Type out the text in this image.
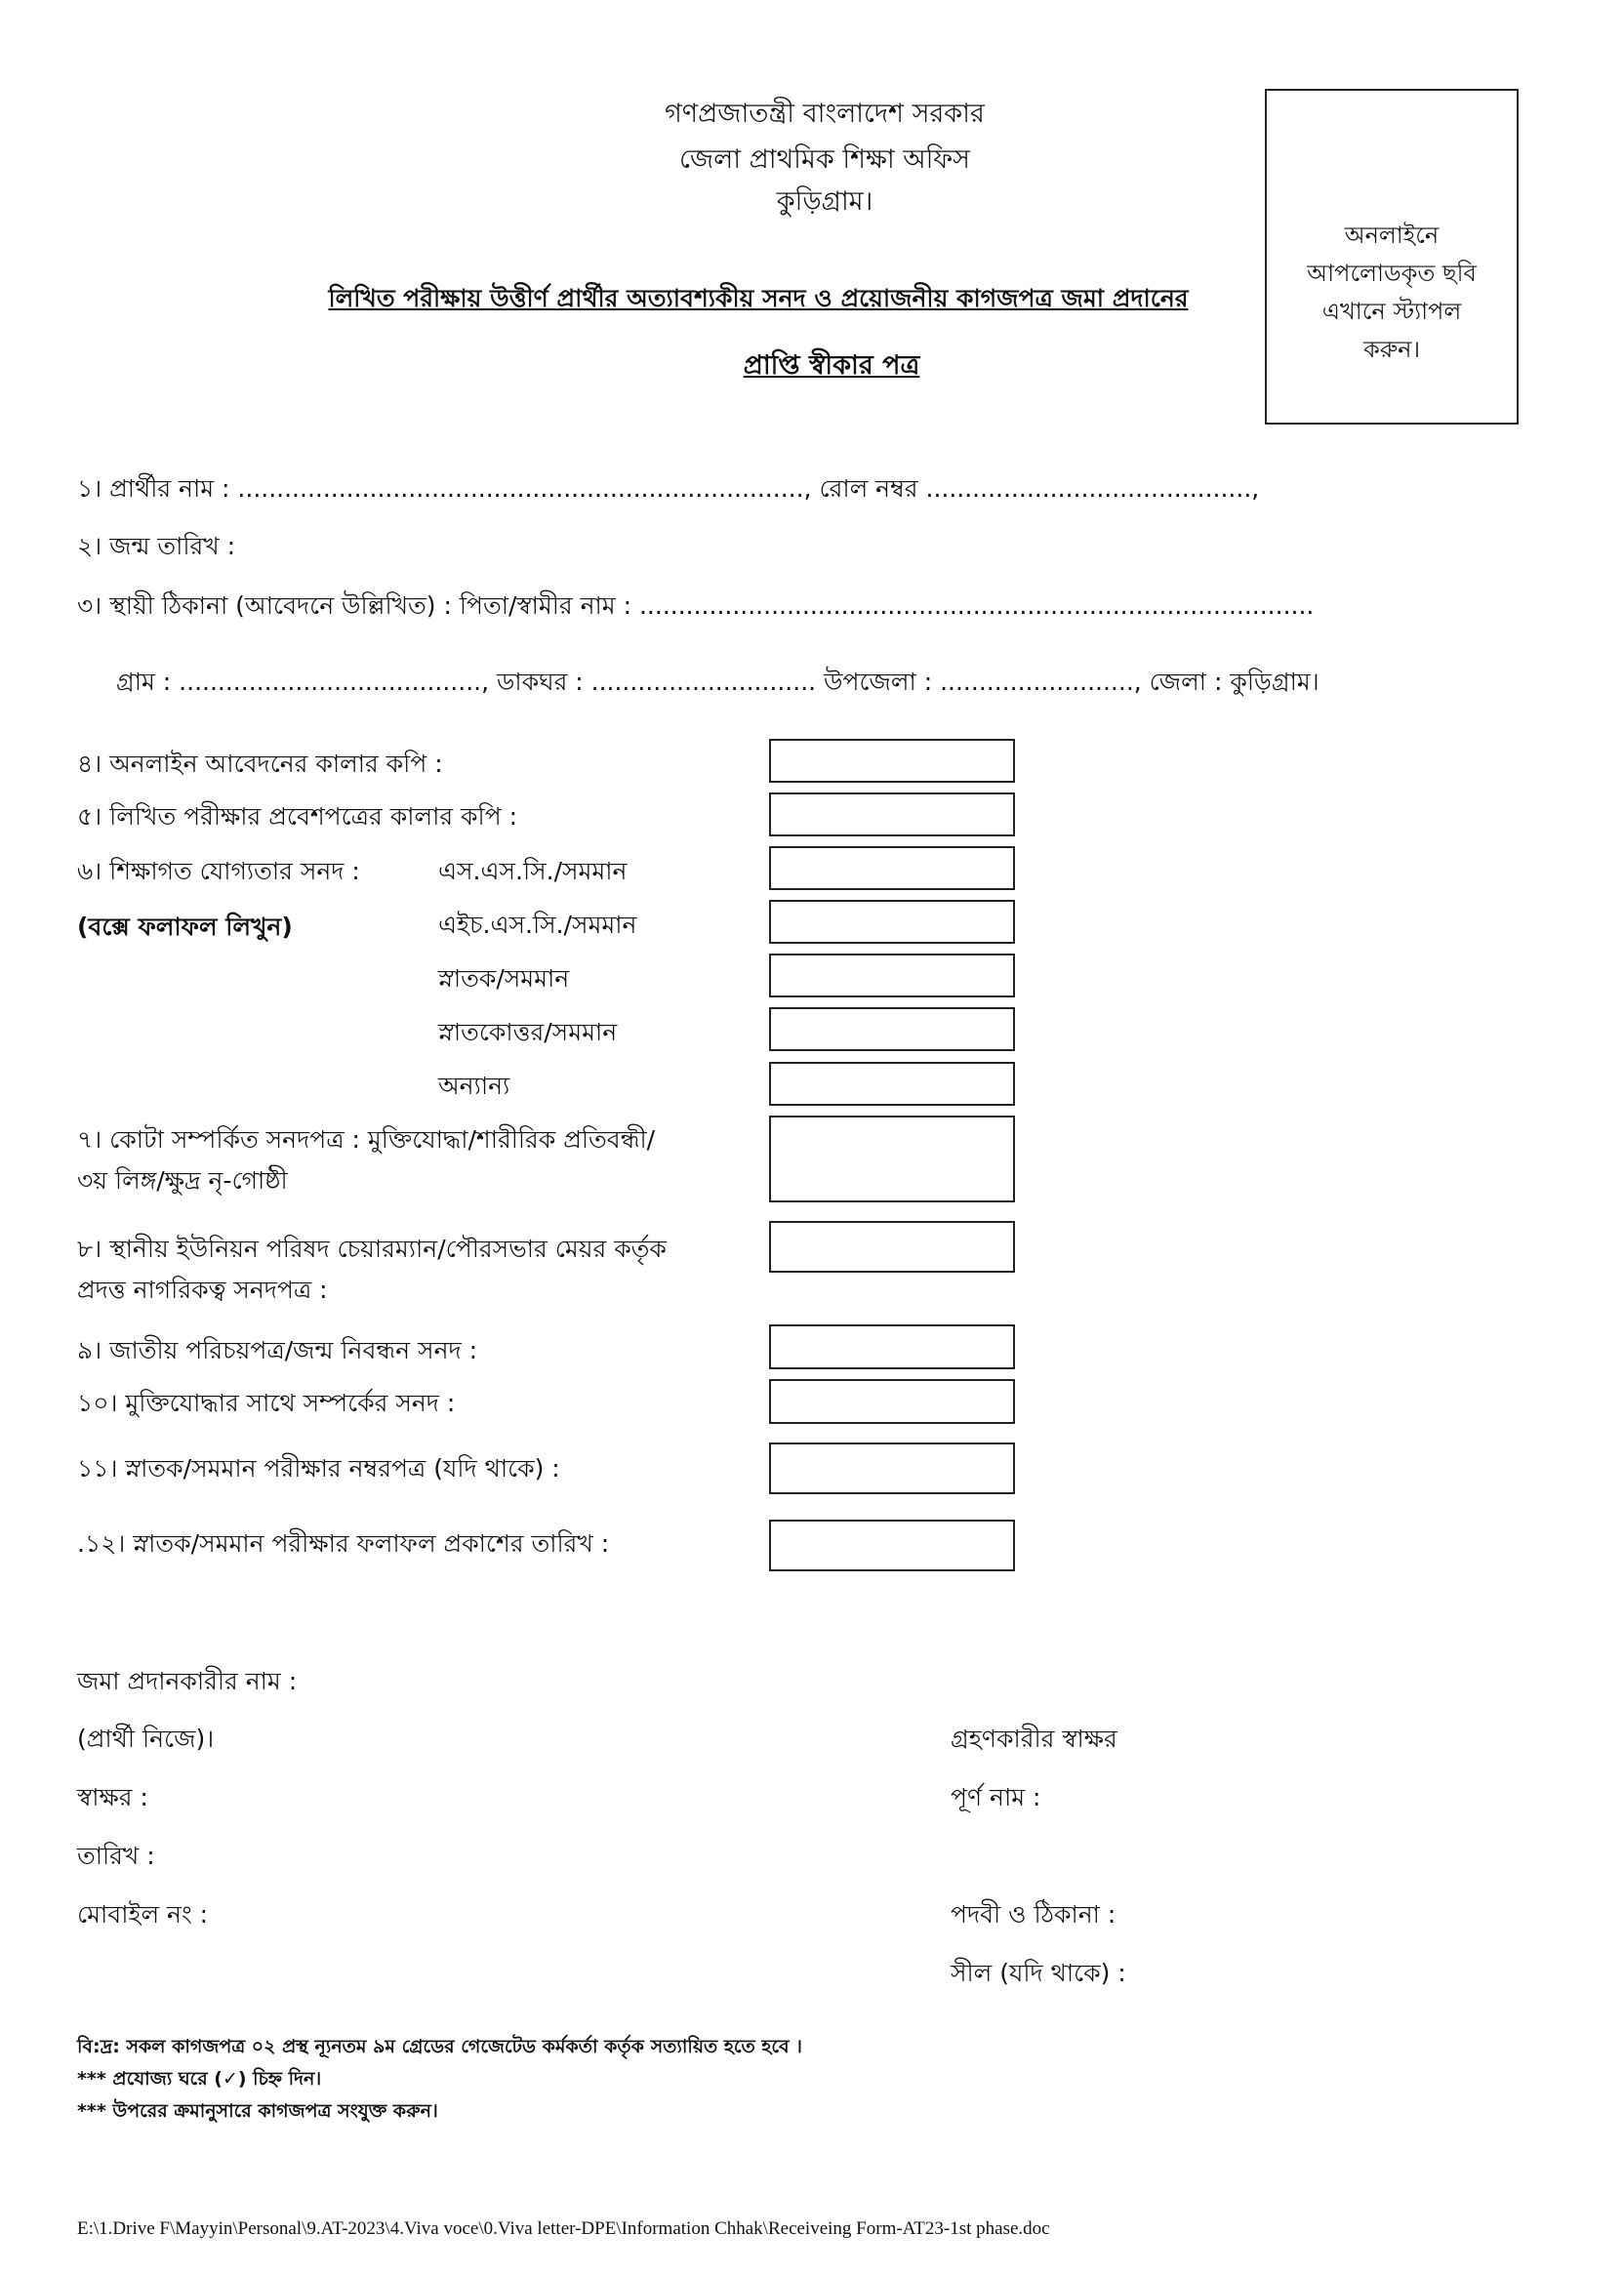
গণপ্রজাতন্ত্রী বাংলাদেশ সরকার
জেলা প্রাথমিক শিক্ষা অফিস
কুড়িগ্রাম।
অনলাইনে
আপলোডকৃত ছবি
এখানে স্ট্যাপল
করুন।
লিখিত পরীক্ষায় উত্তীর্ণ প্রার্থীর অত্যাবশ্যকীয় সনদ ও প্রয়োজনীয় কাগজপত্র জমা প্রদানের
প্রাপ্তি স্বীকার পত্র
১। প্রার্থীর নাম : ........................................................................., রোল নম্বর ..........................................,
২। জন্ম তারিখ :
৩। স্থায়ী ঠিকানা (আবেদনে উল্লিখিত) : পিতা/স্বামীর নাম : .......................................................................................
গ্রাম : ......................................., ডাকঘর : ............................. উপজেলা : ........................., জেলা : কুড়িগ্রাম।
৪। অনলাইন আবেদনের কালার কপি :
৫। লিখিত পরীক্ষার প্রবেশপত্রের কালার কপি :
৬। শিক্ষাগত যোগ্যতার সনদ :
(বক্সে ফলাফল লিখুন)
এস.এস.সি./সমমান
এইচ.এস.সি./সমমান
স্নাতক/সমমান
স্নাতকোত্তর/সমমান
অন্যান্য
৭। কোটা সম্পর্কিত সনদপত্র : মুক্তিযোদ্ধা/শারীরিক প্রতিবন্ধী/
৩য় লিঙ্গ/ক্ষুদ্র নৃ-গোষ্ঠী
৮। স্থানীয় ইউনিয়ন পরিষদ চেয়ারম্যান/পৌরসভার মেয়র কর্তৃক
প্রদত্ত নাগরিকত্ব সনদপত্র :
৯। জাতীয় পরিচয়পত্র/জন্ম নিবন্ধন সনদ :
১০। মুক্তিযোদ্ধার সাথে সম্পর্কের সনদ :
১১। স্নাতক/সমমান পরীক্ষার নম্বরপত্র (যদি থাকে) :
.১২। স্নাতক/সমমান পরীক্ষার ফলাফল প্রকাশের তারিখ :
জমা প্রদানকারীর নাম :
(প্রার্থী নিজে)।
স্বাক্ষর :
তারিখ :
মোবাইল নং :
গ্রহণকারীর স্বাক্ষর
পূর্ণ নাম :
পদবী ও ঠিকানা :
সীল (যদি থাকে) :
বি:দ্র: সকল কাগজপত্র ০২ প্রস্থ ন্যূনতম ৯ম গ্রেডের গেজেটেড কর্মকর্তা কর্তৃক সত্যায়িত হতে হবে ।
*** প্রযোজ্য ঘরে (✓) চিহ্ন দিন।
*** উপরের ক্রমানুসারে কাগজপত্র সংযুক্ত করুন।
E:\1.Drive F\Mayyin\Personal\9.AT-2023\4.Viva voce\0.Viva letter-DPE\Information Chhak\Receiveing Form-AT23-1st phase.doc
